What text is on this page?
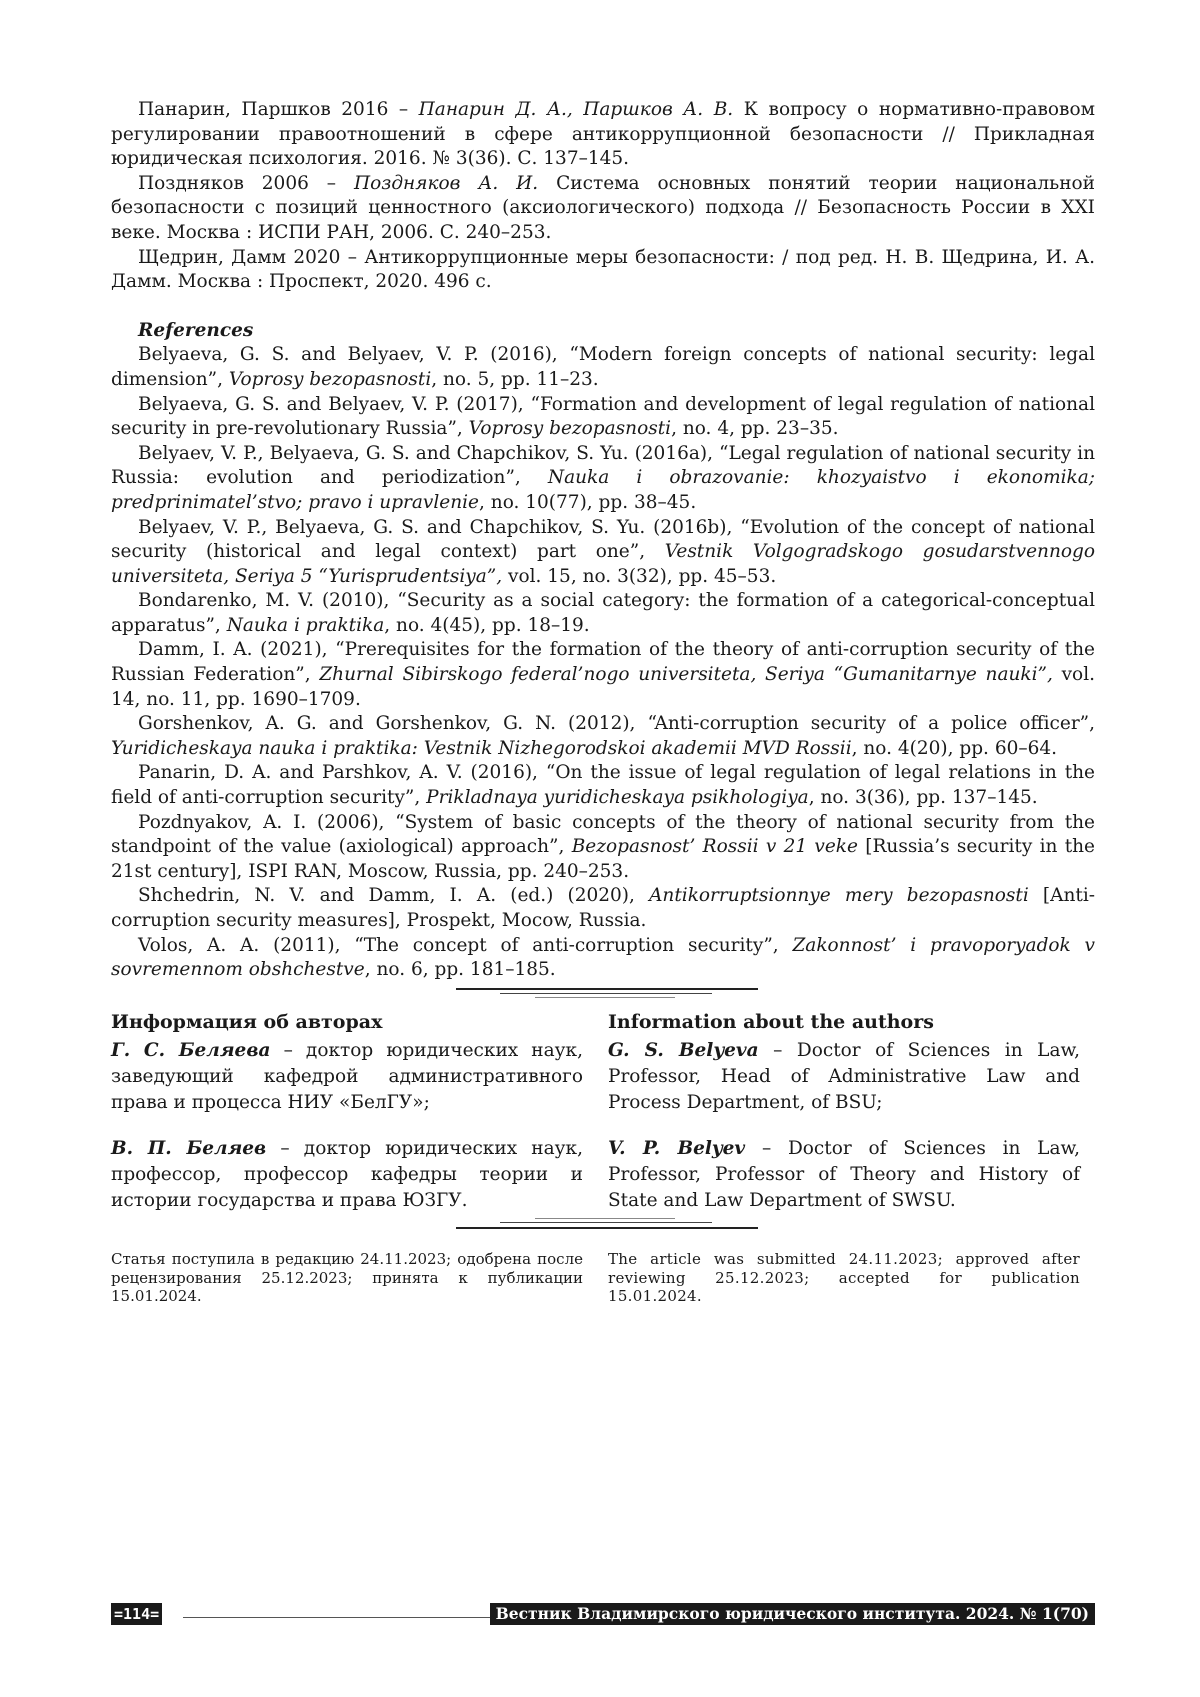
Панарин, Паршков 2016 – Панарин Д. А., Паршков А. В. К вопросу о нормативно-правовом регулировании правоотношений в сфере антикоррупционной безопасности // Прикладная юридическая психология. 2016. № 3(36). С. 137–145.

Поздняков 2006 – Поздняков А. И. Система основных понятий теории национальной безопасности с позиций ценностного (аксиологического) подхода // Безопасность России в XXI веке. Москва : ИСПИ РАН, 2006. С. 240–253.

Щедрин, Дамм 2020 – Антикоррупционные меры безопасности: / под ред. Н. В. Щедрина, И. А. Дамм. Москва : Проспект, 2020. 496 с.

References

Belyaeva, G. S. and Belyaev, V. P. (2016), “Modern foreign concepts of national security: legal dimension”, Voprosy bezopasnosti, no. 5, pp. 11–23.

Belyaeva, G. S. and Belyaev, V. P. (2017), “Formation and development of legal regulation of national security in pre-revolutionary Russia”, Voprosy bezopasnosti, no. 4, pp. 23–35.

Belyaev, V. P., Belyaeva, G. S. and Chapchikov, S. Yu. (2016a), “Legal regulation of national security in Russia: evolution and periodization”, Nauka i obrazovanie: khozyaistvo i ekonomika; predprinimatel’stvo; pravo i upravlenie, no. 10(77), pp. 38–45.

Belyaev, V. P., Belyaeva, G. S. and Chapchikov, S. Yu. (2016b), “Evolution of the concept of national security (historical and legal context) part one”, Vestnik Volgogradskogo gosudarstvennogo universiteta, Seriya 5 “Yurisprudentsiya”, vol. 15, no. 3(32), pp. 45–53.

Bondarenko, M. V. (2010), “Security as a social category: the formation of a categorical-conceptual apparatus”, Nauka i praktika, no. 4(45), pp. 18–19.

Damm, I. A. (2021), “Prerequisites for the formation of the theory of anti-corruption security of the Russian Federation”, Zhurnal Sibirskogo federal’nogo universiteta, Seriya “Gumanitarnye nauki”, vol. 14, no. 11, pp. 1690–1709.

Gorshenkov, A. G. and Gorshenkov, G. N. (2012), “Anti-corruption security of a police officer”, Yuridicheskaya nauka i praktika: Vestnik Nizhegorodskoi akademii MVD Rossii, no. 4(20), pp. 60–64.

Panarin, D. A. and Parshkov, A. V. (2016), “On the issue of legal regulation of legal relations in the field of anti-corruption security”, Prikladnaya yuridicheskaya psikhologiya, no. 3(36), pp. 137–145.

Pozdnyakov, A. I. (2006), “System of basic concepts of the theory of national security from the standpoint of the value (axiological) approach”, Bezopasnost’ Rossii v 21 veke [Russia’s security in the 21st century], ISPI RAN, Moscow, Russia, pp. 240–253.

Shchedrin, N. V. and Damm, I. A. (ed.) (2020), Antikorruptsionnye mery bezopasnosti [Anti-corruption security measures], Prospekt, Mocow, Russia.

Volos, A. A. (2011), “The concept of anti-corruption security”, Zakonnost’ i pravoporyadok v sovremennom obshchestve, no. 6, pp. 181–185.

Информация об авторах

Г. С. Беляева – доктор юридических наук, заведующий кафедрой административного права и процесса НИУ «БелГУ»;

В. П. Беляев – доктор юридических наук, профессор, профессор кафедры теории и истории государства и права ЮЗГУ.

Information about the authors

G. S. Belyeva – Doctor of Sciences in Law, Professor, Head of Administrative Law and Process Department, of BSU;

V. P. Belyev – Doctor of Sciences in Law, Professor, Professor of Theory and History of State and Law Department of SWSU.

Статья поступила в редакцию 24.11.2023; одобрена после рецензирования 25.12.2023; принята к публикации 15.01.2024.
The article was submitted 24.11.2023; approved after reviewing 25.12.2023; accepted for publication 15.01.2024.
=114=	Вестник Владимирского юридического института. 2024. № 1(70)
